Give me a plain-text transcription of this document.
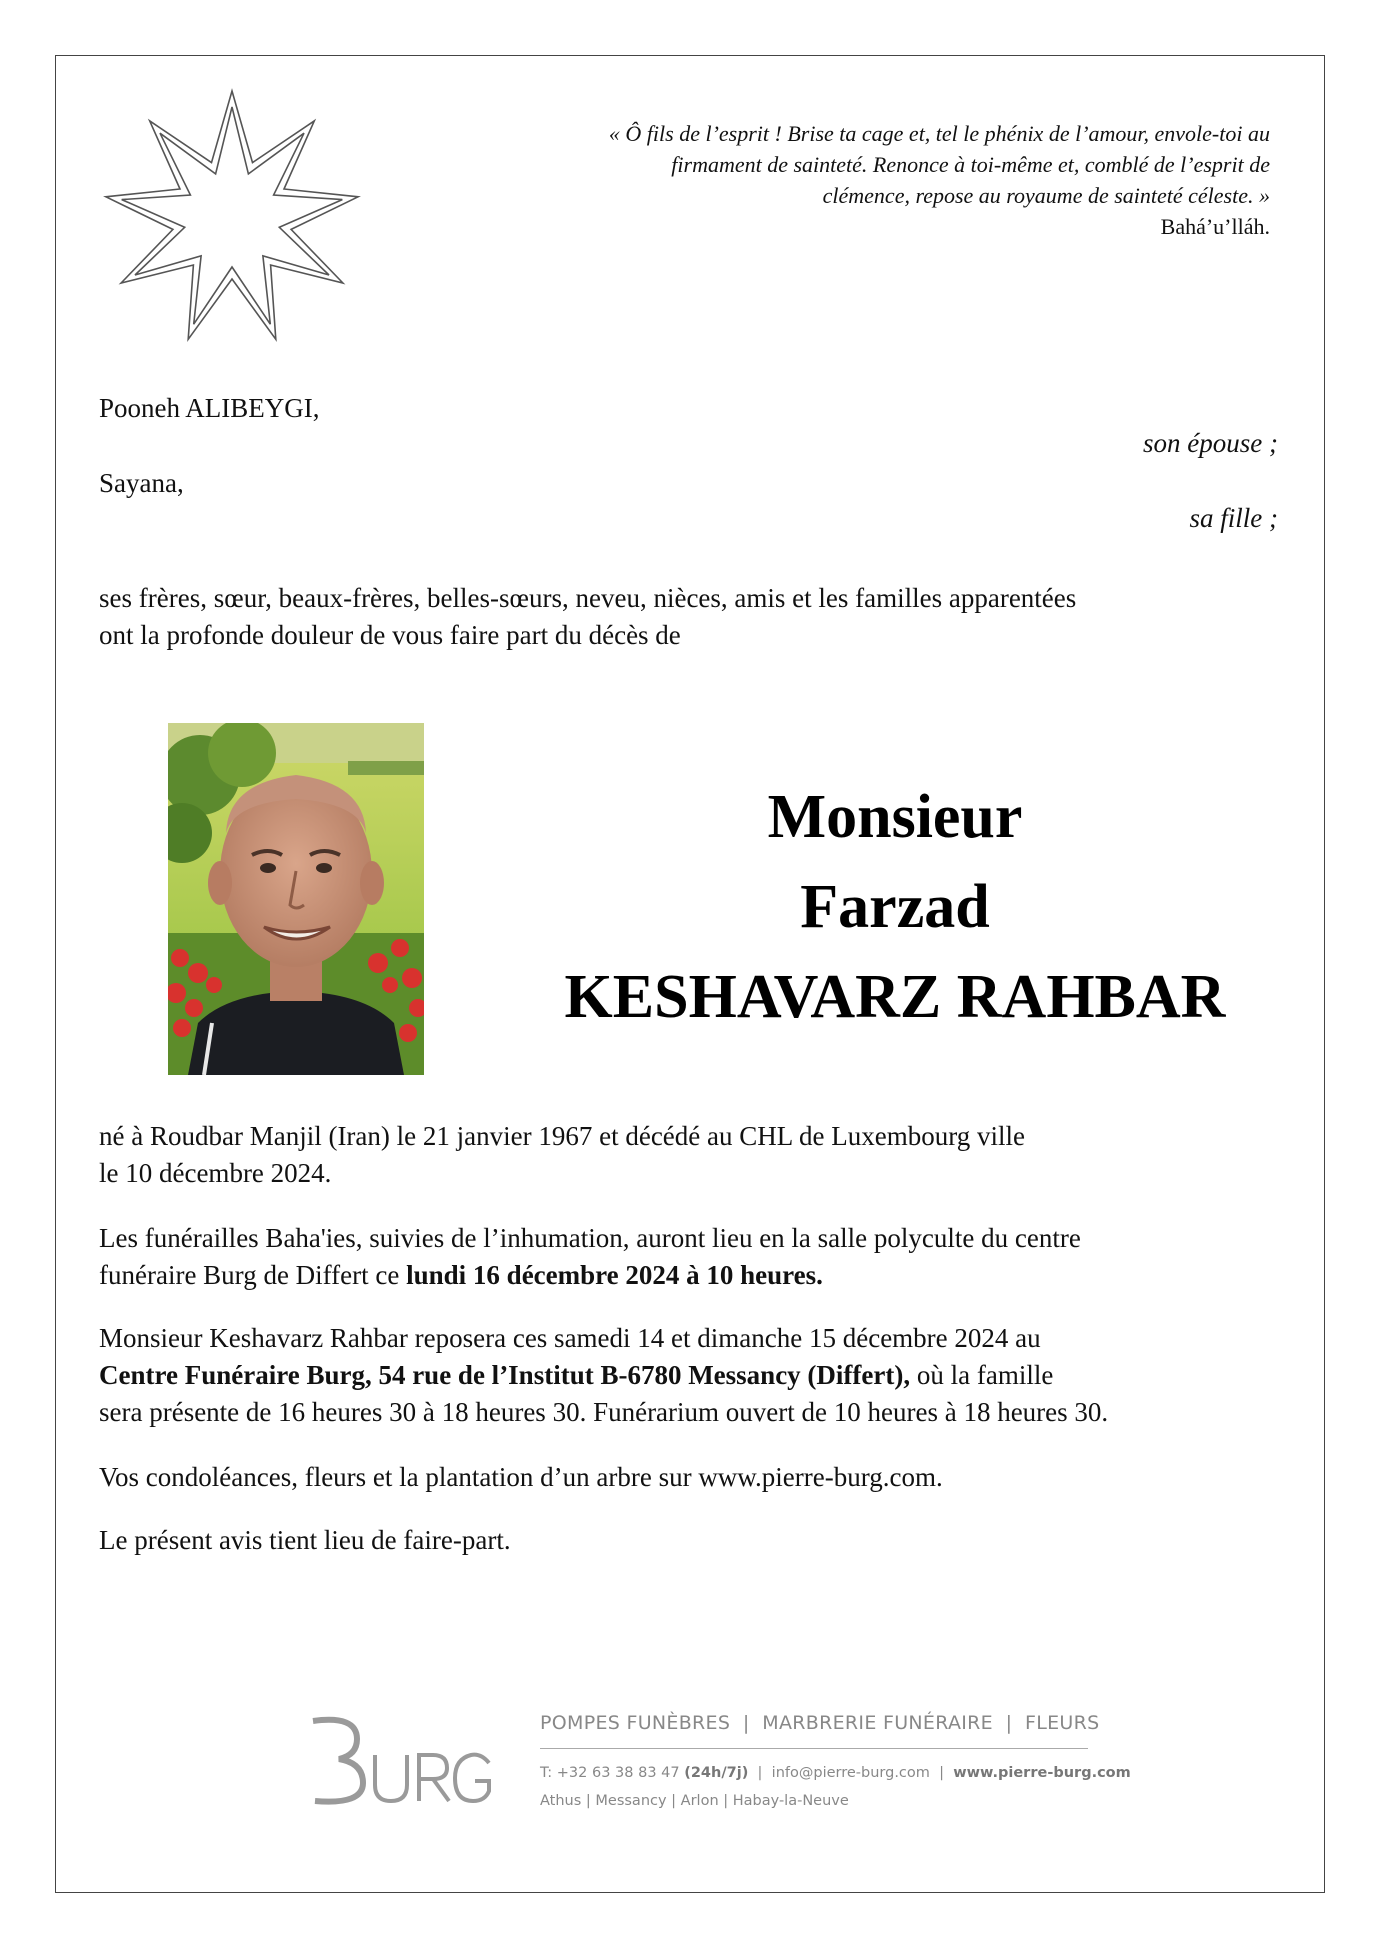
« Ô fils de l’esprit ! Brise ta cage et, tel le phénix de l’amour, envole-toi au
firmament de sainteté. Renonce à toi-même et, comblé de l’esprit de
clémence, repose au royaume de sainteté céleste. »
Bahá’u’lláh.
Pooneh ALIBEYGI,
son épouse ;
Sayana,
sa fille ;
ses frères, sœur, beaux-frères, belles-sœurs, neveu, nièces, amis et les familles apparentées
ont la profonde douleur de vous faire part du décès de
Monsieur
Farzad
KESHAVARZ RAHBAR
né à Roudbar Manjil (Iran) le 21 janvier 1967 et décédé au CHL de Luxembourg ville
le 10 décembre 2024.
Les funérailles Baha'ies, suivies de l’inhumation, auront lieu en la salle polyculte du centre
funéraire Burg de Differt ce lundi 16 décembre 2024 à 10 heures.
Monsieur Keshavarz Rahbar reposera ces samedi 14 et dimanche 15 décembre 2024 au
Centre Funéraire Burg, 54 rue de l’Institut B-6780 Messancy (Differt), où la famille
sera présente de 16 heures 30 à 18 heures 30. Funérarium ouvert de 10 heures à 18 heures 30.
Vos condoléances, fleurs et la plantation d’un arbre sur www.pierre-burg.com.
Le présent avis tient lieu de faire-part.
POMPES FUNÈBRES  |  MARBRERIE FUNÉRAIRE  |  FLEURS
T: +32 63 38 83 47 (24h/7j)  |  info@pierre-burg.com  |  www.pierre-burg.com
Athus | Messancy | Arlon | Habay-la-Neuve
